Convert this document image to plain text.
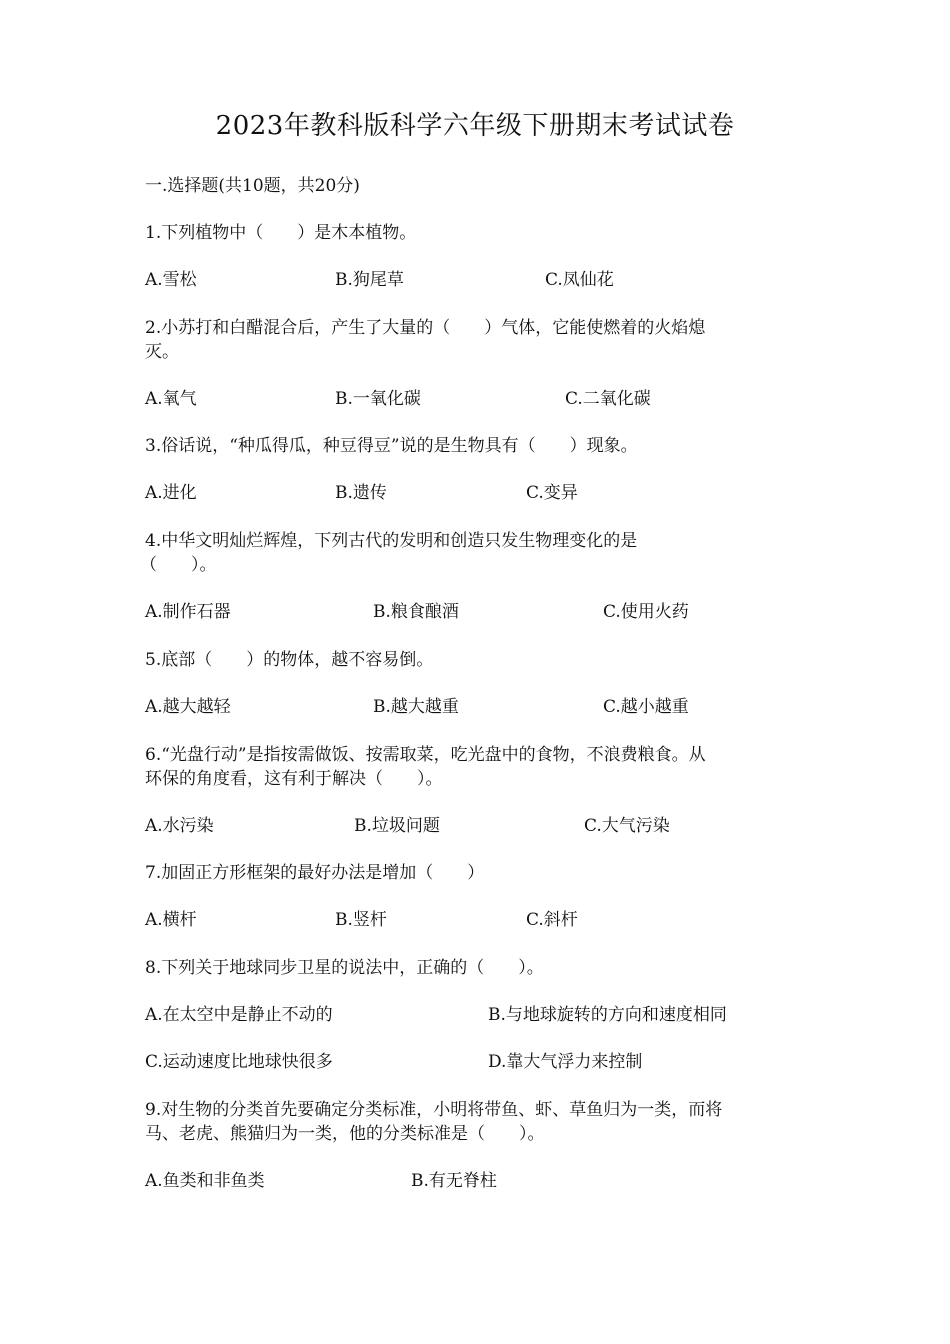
2023年教科版科学六年级下册期末考试试卷
一.选择题(共10题，共20分)
1.下列植物中（　　）是木本植物。
A.雪松	B.狗尾草	C.凤仙花
2.小苏打和白醋混合后，产生了大量的（　　）气体，它能使燃着的火焰熄
灭。
A.氧气	B.一氧化碳	C.二氧化碳
3.俗话说，“种瓜得瓜，种豆得豆”说的是生物具有（　　）现象。
A.进化	B.遗传	C.变异
4.中华文明灿烂辉煌，下列古代的发明和创造只发生物理变化的是
（　　）。
A.制作石器	B.粮食酿酒	C.使用火药
5.底部（　　）的物体，越不容易倒。
A.越大越轻	B.越大越重	C.越小越重
6.“光盘行动”是指按需做饭、按需取菜，吃光盘中的食物，不浪费粮食。从
环保的角度看，这有利于解决（　　）。
A.水污染	B.垃圾问题	C.大气污染
7.加固正方形框架的最好办法是增加（　　）
A.横杆	B.竖杆	C.斜杆
8.下列关于地球同步卫星的说法中，正确的（　　）。
A.在太空中是静止不动的	B.与地球旋转的方向和速度相同
C.运动速度比地球快很多	D.靠大气浮力来控制
9.对生物的分类首先要确定分类标准，小明将带鱼、虾、草鱼归为一类，而将
马、老虎、熊猫归为一类，他的分类标准是（　　）。
A.鱼类和非鱼类	B.有无脊柱
